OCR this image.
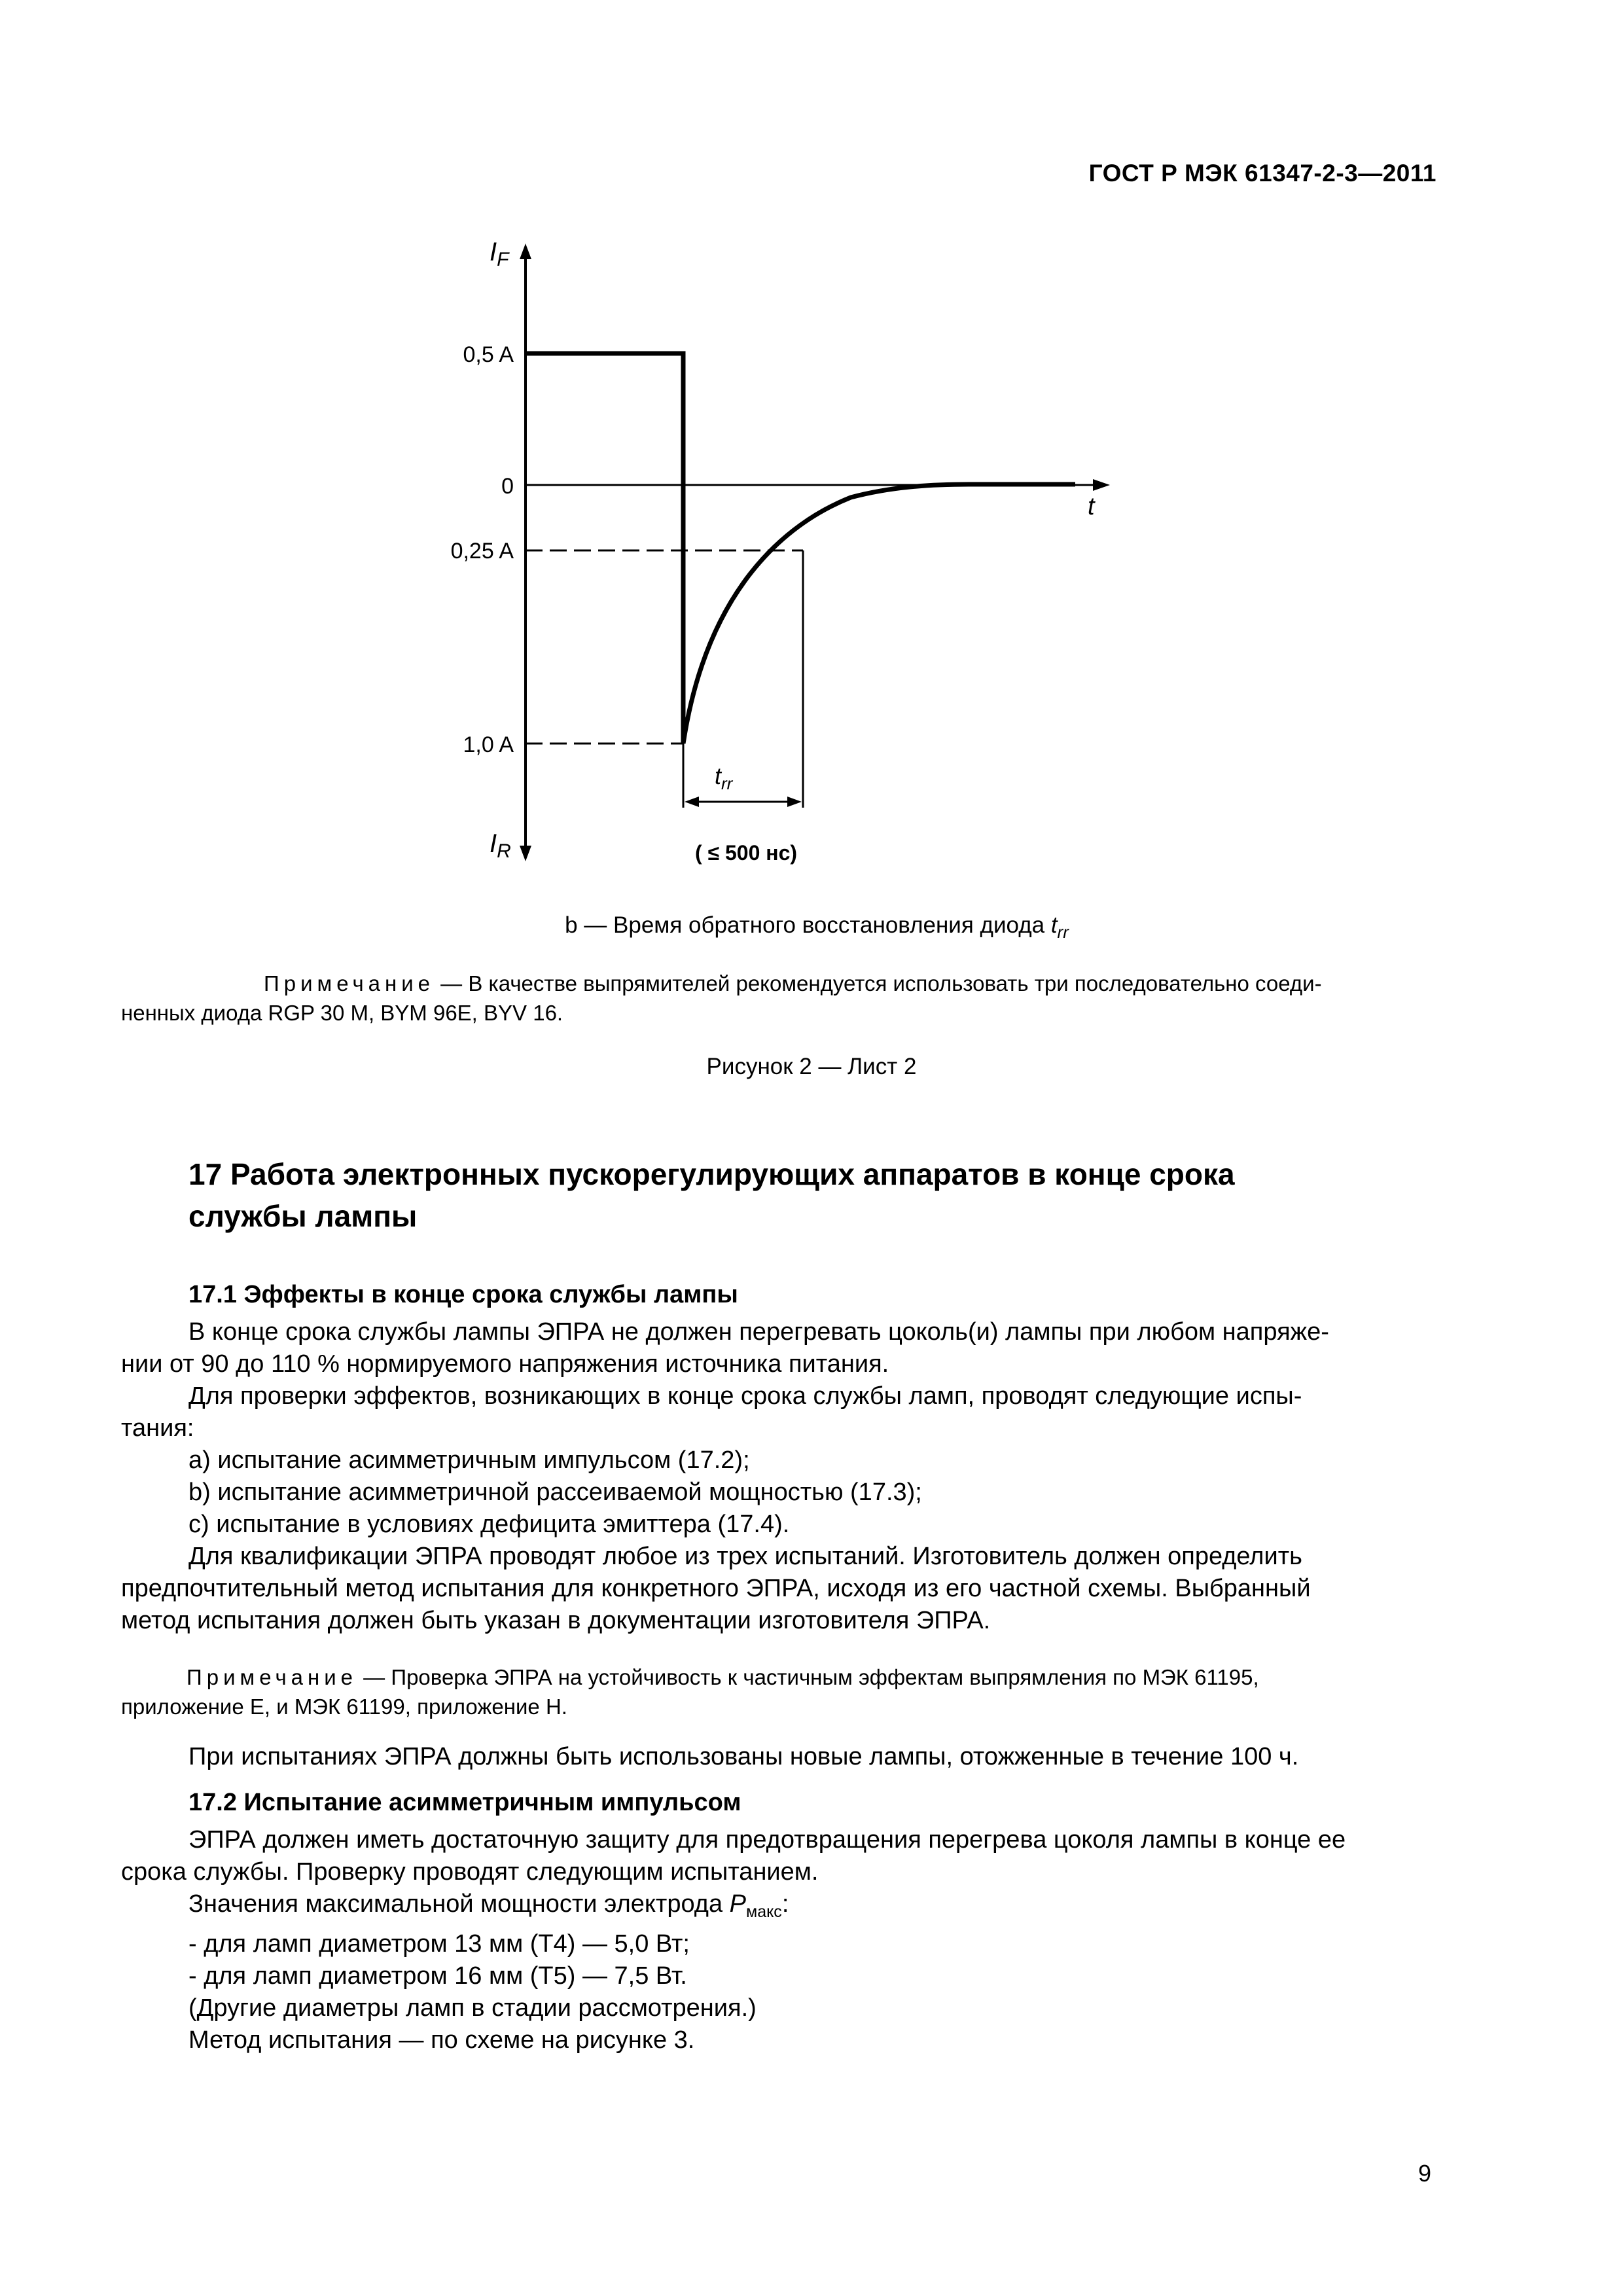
ГОСТ Р МЭК 61347-2-3—2011
$I_F$
$I_R$
t
0,5 A
0
0,25 A
1,0 A
$t_{rr}$
( ≤ 500 нс)
b — Время обратного восстановления диода $t_{rr}$
Примечание — В качестве выпрямителей рекомендуется использовать три последовательно соеди-
ненных диода RGP 30 M, BYM 96E, BYV 16.
Рисунок 2 — Лист 2
17 Работа электронных пускорегулирующих аппаратов в конце срока
службы лампы
17.1 Эффекты в конце срока службы лампы
В конце срока службы лампы ЭПРА не должен перегревать цоколь(и) лампы при любом напряже-
нии от 90 до 110 % нормируемого напряжения источника питания.
Для проверки эффектов, возникающих в конце срока службы ламп, проводят следующие испы-
тания:
a) испытание асимметричным импульсом (17.2);
b) испытание асимметричной рассеиваемой мощностью (17.3);
c) испытание в условиях дефицита эмиттера (17.4).
Для квалификации ЭПРА проводят любое из трех испытаний. Изготовитель должен определить
предпочтительный метод испытания для конкретного ЭПРА, исходя из его частной схемы. Выбранный
метод испытания должен быть указан в документации изготовителя ЭПРА.
Примечание — Проверка ЭПРА на устойчивость к частичным эффектам выпрямления по МЭК 61195,
приложение E, и МЭК 61199, приложение H.
При испытаниях ЭПРА должны быть использованы новые лампы, отожженные в течение 100 ч.
17.2 Испытание асимметричным импульсом
ЭПРА должен иметь достаточную защиту для предотвращения перегрева цоколя лампы в конце ее
срока службы. Проверку проводят следующим испытанием.
Значения максимальной мощности электрода $P_{макс}$:
- для ламп диаметром 13 мм (T4) — 5,0 Вт;
- для ламп диаметром 16 мм (T5) — 7,5 Вт.
(Другие диаметры ламп в стадии рассмотрения.)
Метод испытания — по схеме на рисунке 3.
9
